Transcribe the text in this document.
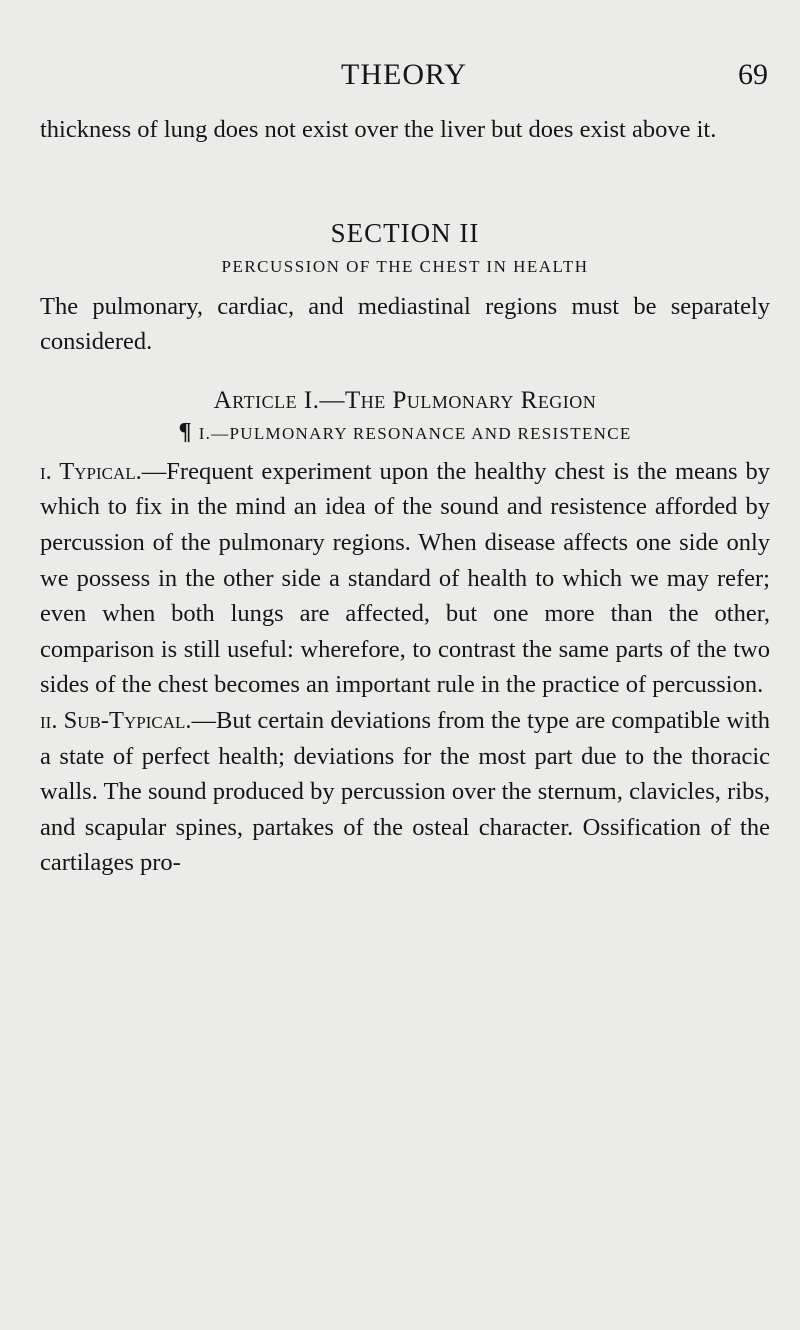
THEORY	69

thickness of lung does not exist over the liver but does exist above it.

SECTION II
PERCUSSION OF THE CHEST IN HEALTH

The pulmonary, cardiac, and mediastinal regions must be separately considered.

Article I.—The Pulmonary Region
¶ I.—PULMONARY RESONANCE AND RESISTENCE

i. Typical.—Frequent experiment upon the healthy chest is the means by which to fix in the mind an idea of the sound and resistence afforded by percussion of the pulmonary regions. When disease affects one side only we possess in the other side a standard of health to which we may refer; even when both lungs are affected, but one more than the other, comparison is still useful: wherefore, to contrast the same parts of the two sides of the chest becomes an important rule in the practice of percussion.

ii. Sub-Typical.—But certain deviations from the type are compatible with a state of perfect health; deviations for the most part due to the thoracic walls. The sound produced by percussion over the sternum, clavicles, ribs, and scapular spines, partakes of the osteal character. Ossification of the cartilages pro-
